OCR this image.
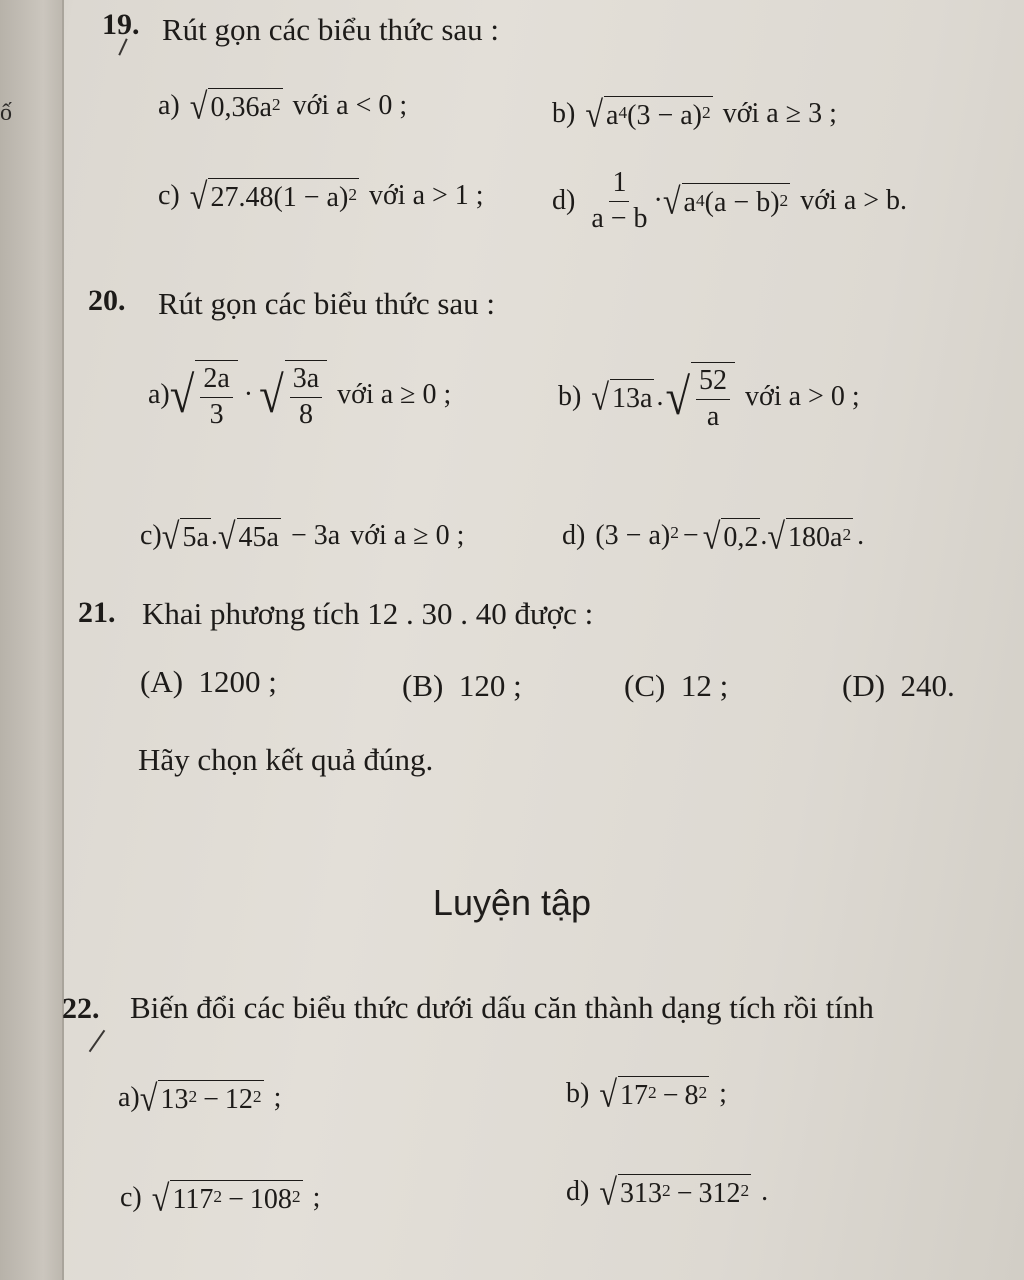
ố
19. Rút gọn các biểu thức sau :
a) √ $0,36a^2$ với a < 0 ;	b) √ $a^4$ $(3 - a)^2$ với a ≥ 3 ;
c) √ $27.48(1 - a)^2$ với a > 1 ; $d) \frac{1}{a - b}$ · √ $a^4$ $(a - b)^2$ với a > b.
20. Rút gọn các biểu thức sau :
a) √ $\frac{2a}{3}$ · √ $\frac{3a}{8}$ với a ≥ 0 ;	b) √ 13a . √ $\frac{52}{a}$ với a > 0 ;
c) √ 5a . √ 45a − 3a với a ≥ 0 ;	d) $(3 - a)^2$ − √ 0,2 . √ $180a^2$ .
21. Khai phương tích 12 . 30 . 40 được :
(A) 1200 ;	(B) 120 ;	(C) 12 ;	(D) 240.
Hãy chọn kết quả đúng.
Luyện tập
22. Biến đổi các biểu thức dưới dấu căn thành dạng tích rồi tính
a) √ $13^2 - 12^2$ ;	b) √ $17^2 - 8^2$ ;
c) √ $117^2 - 108^2$ ;	d) √ $313^2 - 312^2$ .
